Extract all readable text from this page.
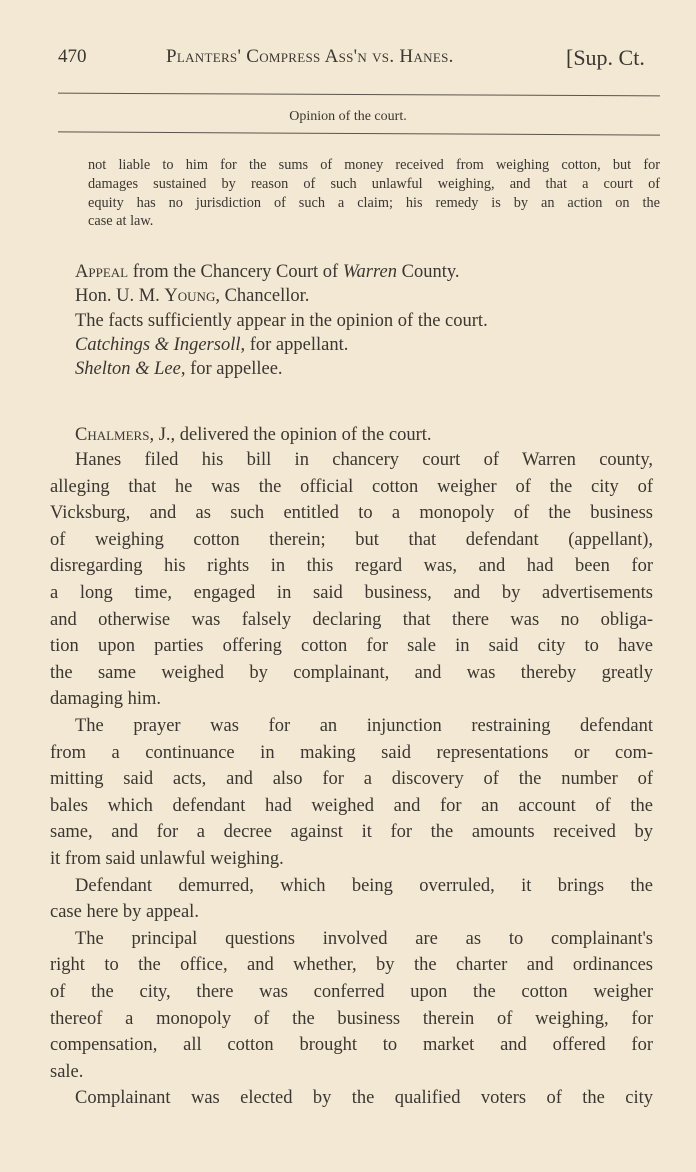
470	Planters' Compress Ass'n vs. Hanes.	[Sup. Ct.
Opinion of the court.
not liable to him for the sums of money received from weighing cotton, but for
damages sustained by reason of such unlawful weighing, and that a court of
equity has no jurisdiction of such a claim; his remedy is by an action on the
case at law.
Appeal from the Chancery Court of Warren County.
Hon. U. M. Young, Chancellor.
The facts sufficiently appear in the opinion of the court.
Catchings & Ingersoll, for appellant.
Shelton & Lee, for appellee.
Chalmers, J., delivered the opinion of the court.
Hanes filed his bill in chancery court of Warren county,
alleging that he was the official cotton weigher of the city of
Vicksburg, and as such entitled to a monopoly of the business
of weighing cotton therein; but that defendant (appellant),
disregarding his rights in this regard was, and had been for
a long time, engaged in said business, and by advertisements
and otherwise was falsely declaring that there was no obliga-
tion upon parties offering cotton for sale in said city to have
the same weighed by complainant, and was thereby greatly
damaging him.
The prayer was for an injunction restraining defendant
from a continuance in making said representations or com-
mitting said acts, and also for a discovery of the number of
bales which defendant had weighed and for an account of the
same, and for a decree against it for the amounts received by
it from said unlawful weighing.
Defendant demurred, which being overruled, it brings the
case here by appeal.
The principal questions involved are as to complainant's
right to the office, and whether, by the charter and ordinances
of the city, there was conferred upon the cotton weigher
thereof a monopoly of the business therein of weighing, for
compensation, all cotton brought to market and offered for
sale.
Complainant was elected by the qualified voters of the city
